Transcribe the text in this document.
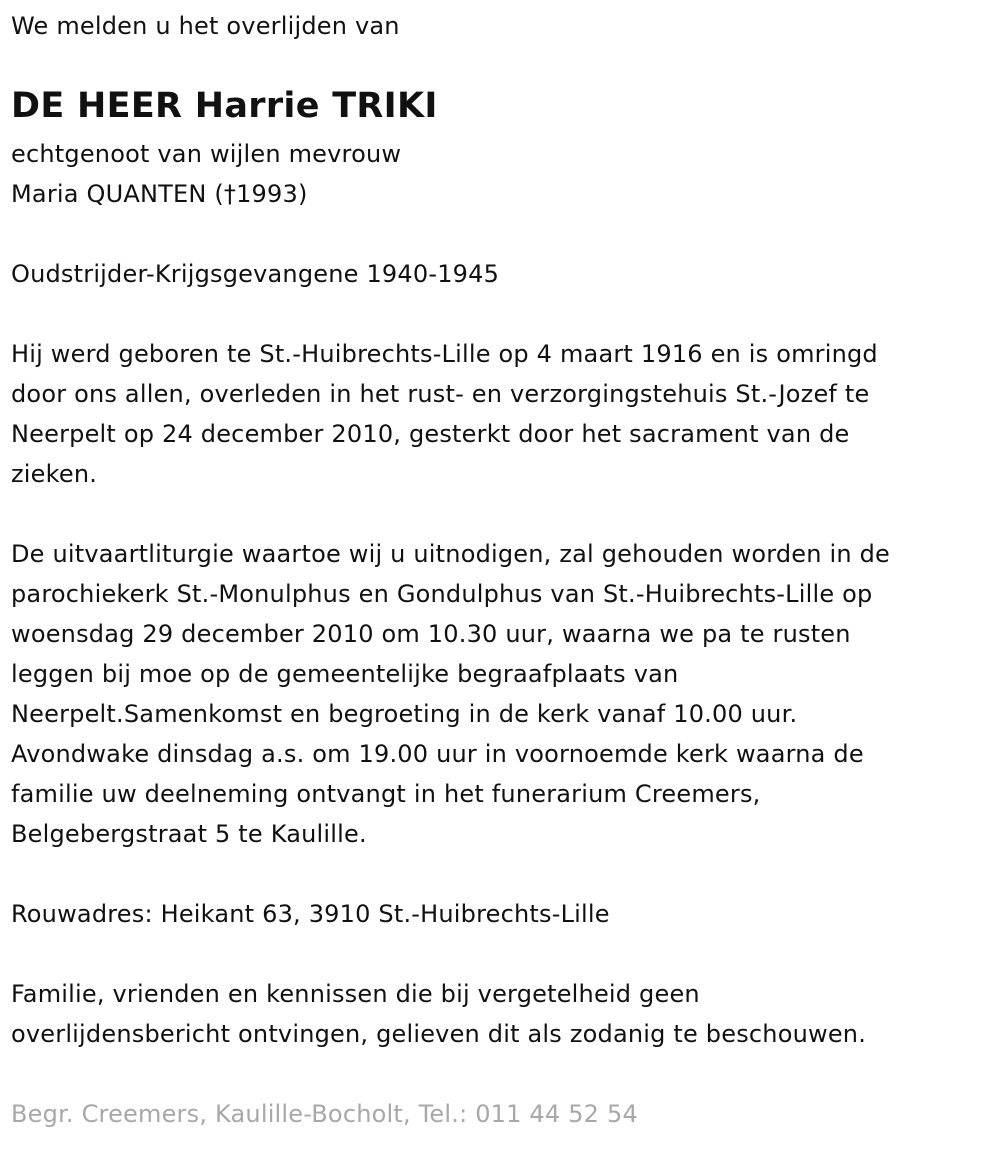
We melden u het overlijden van
DE HEER Harrie TRIKI
echtgenoot van wijlen mevrouw
Maria QUANTEN (†1993)
Oudstrijder-Krijgsgevangene 1940-1945
Hij werd geboren te St.-Huibrechts-Lille op 4 maart 1916 en is omringd
door ons allen, overleden in het rust- en verzorgingstehuis St.-Jozef te
Neerpelt op 24 december 2010, gesterkt door het sacrament van de
zieken.
De uitvaartliturgie waartoe wij u uitnodigen, zal gehouden worden in de
parochiekerk St.-Monulphus en Gondulphus van St.-Huibrechts-Lille op
woensdag 29 december 2010 om 10.30 uur, waarna we pa te rusten
leggen bij moe op de gemeentelijke begraafplaats van
Neerpelt.Samenkomst en begroeting in de kerk vanaf 10.00 uur.
Avondwake dinsdag a.s. om 19.00 uur in voornoemde kerk waarna de
familie uw deelneming ontvangt in het funerarium Creemers,
Belgebergstraat 5 te Kaulille.
Rouwadres: Heikant 63, 3910 St.-Huibrechts-Lille
Familie, vrienden en kennissen die bij vergetelheid geen
overlijdensbericht ontvingen, gelieven dit als zodanig te beschouwen.
Begr. Creemers, Kaulille-Bocholt, Tel.: 011 44 52 54
